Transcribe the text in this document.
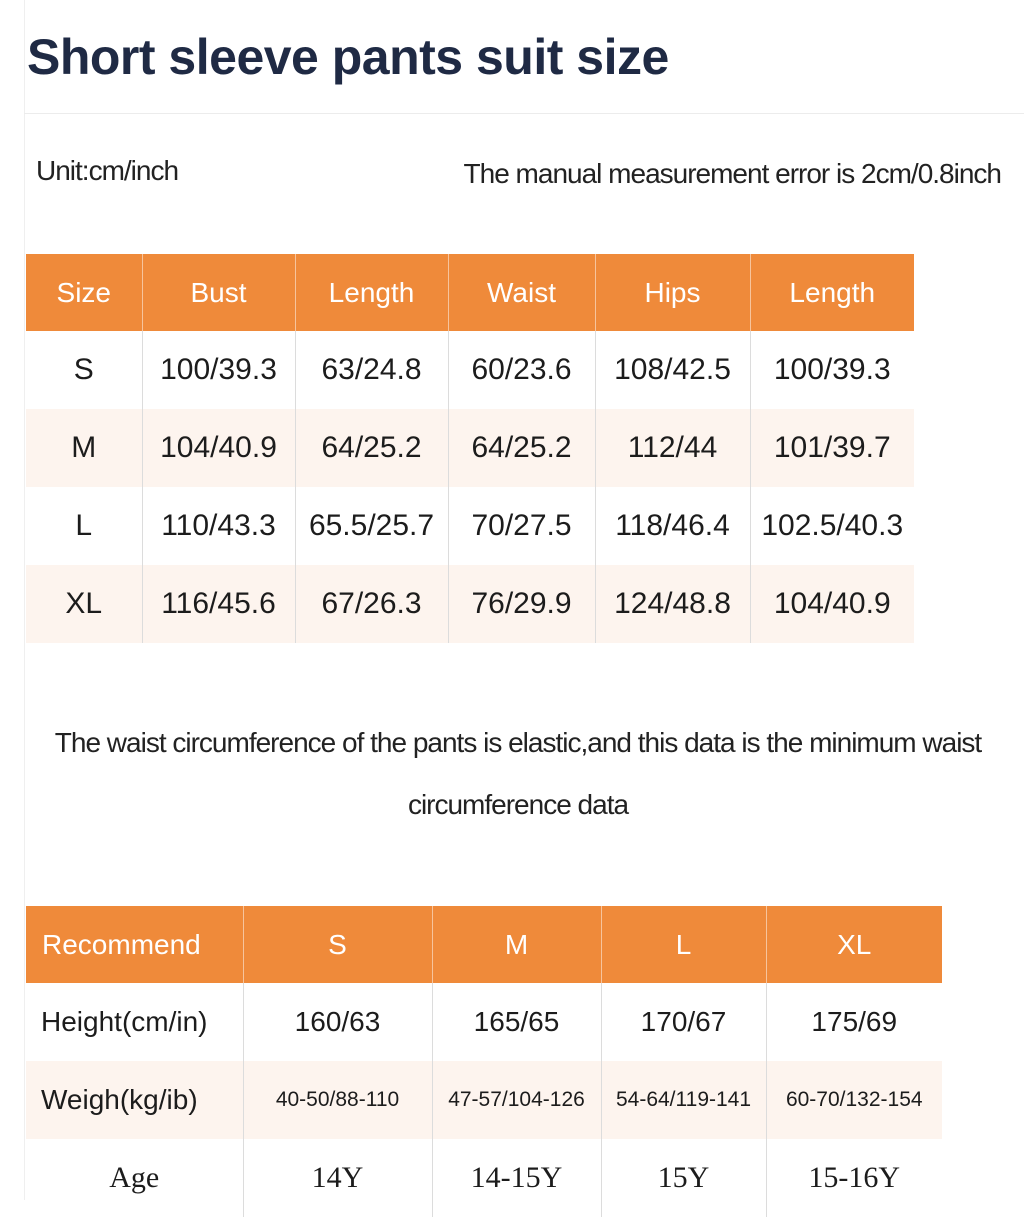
Short sleeve pants suit size
Unit:cm/inch	The manual measurement error is 2cm/0.8inch
Size	Bust	Length	Waist	Hips	Length
S	100/39.3	63/24.8	60/23.6	108/42.5	100/39.3
M	104/40.9	64/25.2	64/25.2	112/44	101/39.7
L	110/43.3	65.5/25.7	70/27.5	118/46.4	102.5/40.3
XL	116/45.6	67/26.3	76/29.9	124/48.8	104/40.9
The waist circumference of the pants is elastic,and this data is the minimum waist
circumference data
Recommend	S	M	L	XL
Height(cm/in)	160/63	165/65	170/67	175/69
Weigh(kg/ib)	40-50/88-110	47-57/104-126	54-64/119-141	60-70/132-154
Age	14Y	14-15Y	15Y	15-16Y
